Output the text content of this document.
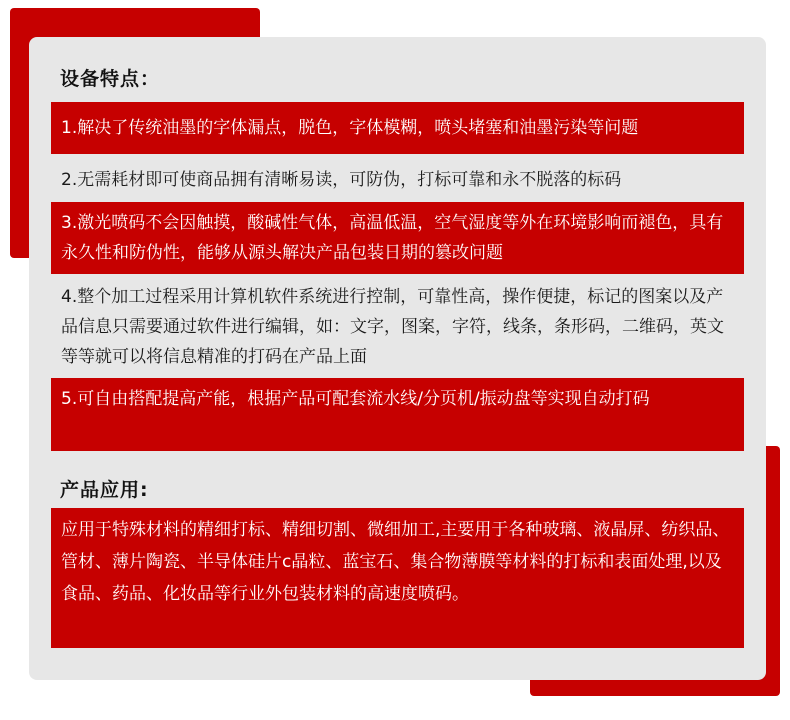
设备特点：
1.解决了传统油墨的字体漏点，脱色，字体模糊，喷头堵塞和油墨污染等问题
2.无需耗材即可使商品拥有清晰易读，可防伪，打标可靠和永不脱落的标码
3.激光喷码不会因触摸，酸碱性气体，高温低温，空气湿度等外在环境影响而褪色，具有永久性和防伪性，能够从源头解决产品包装日期的篡改问题
4.整个加工过程采用计算机软件系统进行控制，可靠性高，操作便捷，标记的图案以及产品信息只需要通过软件进行编辑，如：文字，图案，字符，线条，条形码，二维码，英文等等就可以将信息精准的打码在产品上面
5.可自由搭配提高产能，根据产品可配套流水线/分页机/振动盘等实现自动打码
产品应用:
应用于特殊材料的精细打标、精细切割、微细加工,主要用于各种玻璃、液晶屏、纺织品、管材、薄片陶瓷、半导体硅片c晶粒、蓝宝石、集合物薄膜等材料的打标和表面处理,以及食品、药品、化妆品等行业外包装材料的高速度喷码。
